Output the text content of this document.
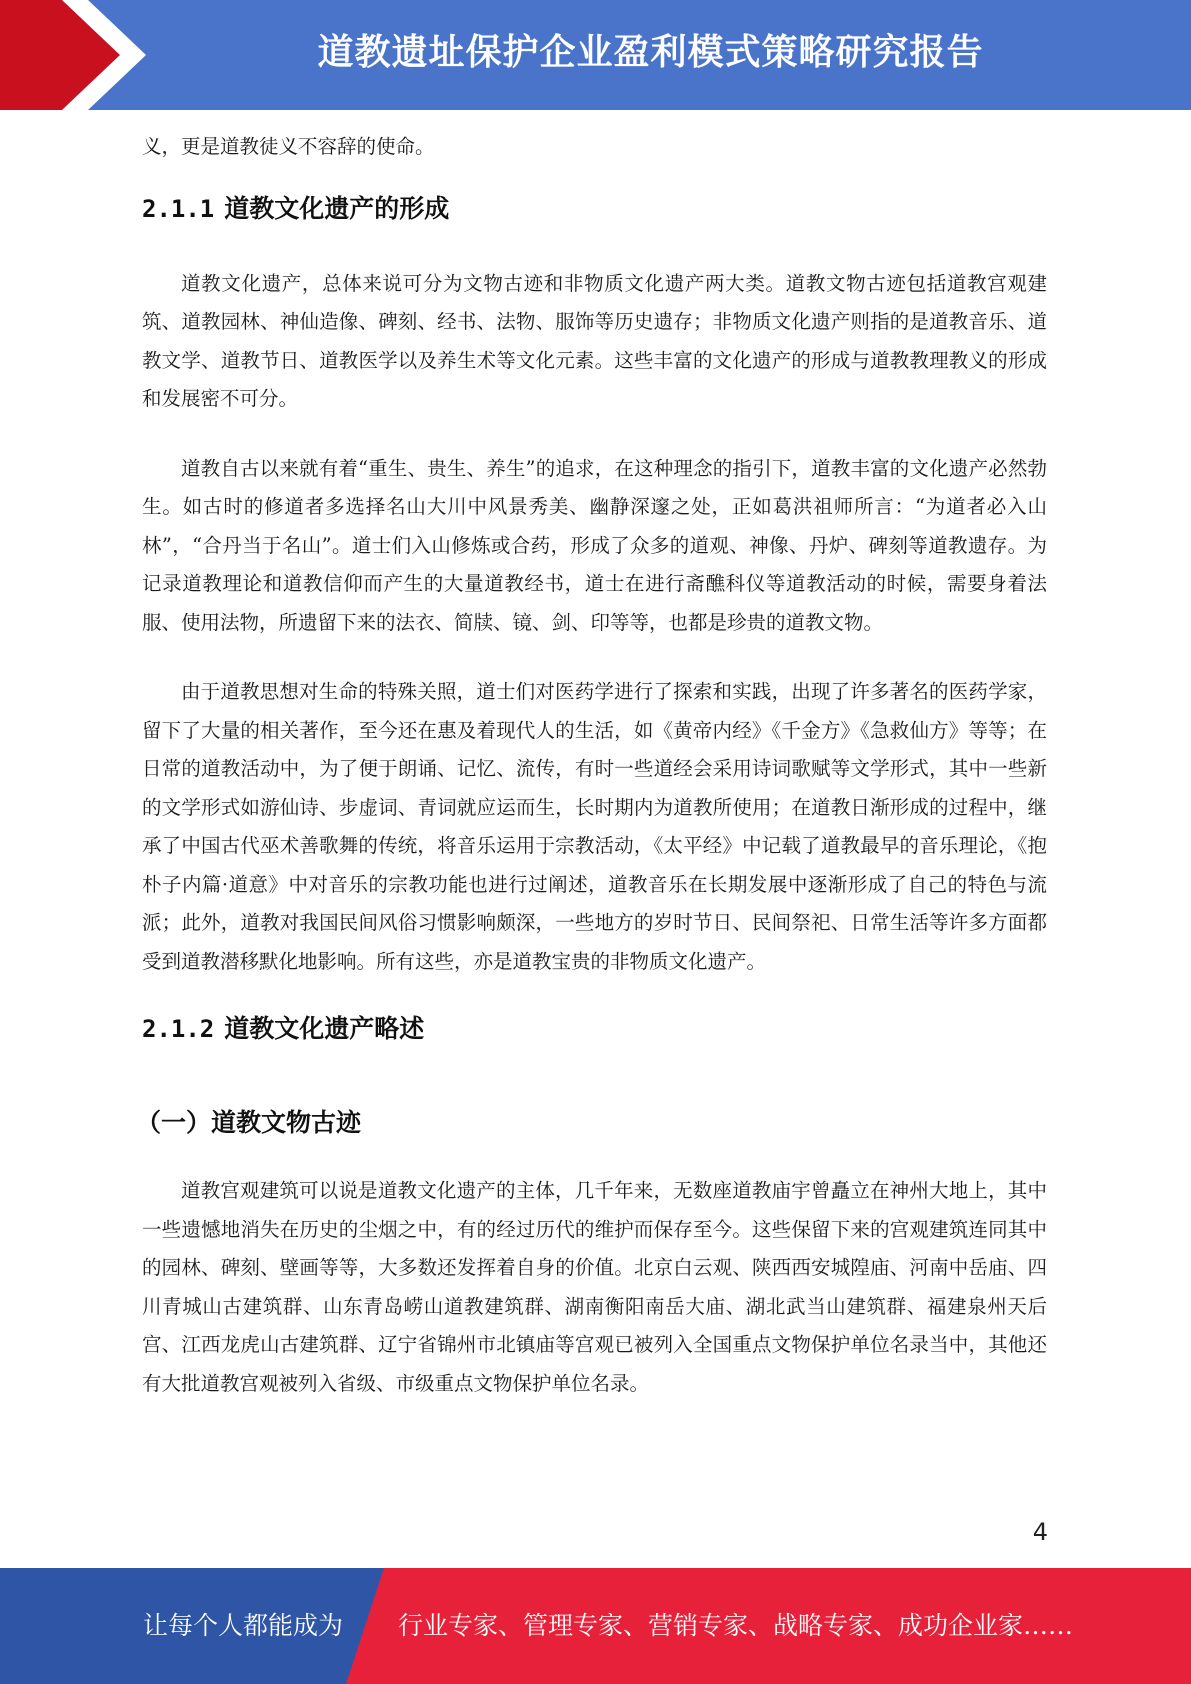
道教遗址保护企业盈利模式策略研究报告

义，更是道教徒义不容辞的使命。

2.1.1 道教文化遗产的形成

道教文化遗产，总体来说可分为文物古迹和非物质文化遗产两大类。道教文物古迹包括道教宫观建筑、道教园林、神仙造像、碑刻、经书、法物、服饰等历史遗存；非物质文化遗产则指的是道教音乐、道教文学、道教节日、道教医学以及养生术等文化元素。这些丰富的文化遗产的形成与道教教理教义的形成和发展密不可分。

道教自古以来就有着“重生、贵生、养生”的追求，在这种理念的指引下，道教丰富的文化遗产必然勃生。如古时的修道者多选择名山大川中风景秀美、幽静深邃之处，正如葛洪祖师所言：“为道者必入山林”，“合丹当于名山”。道士们入山修炼或合药，形成了众多的道观、神像、丹炉、碑刻等道教遗存。为记录道教理论和道教信仰而产生的大量道教经书，道士在进行斋醮科仪等道教活动的时候，需要身着法服、使用法物，所遗留下来的法衣、简牍、镜、剑、印等等，也都是珍贵的道教文物。

由于道教思想对生命的特殊关照，道士们对医药学进行了探索和实践，出现了许多著名的医药学家，留下了大量的相关著作，至今还在惠及着现代人的生活，如《黄帝内经》《千金方》《急救仙方》等等；在日常的道教活动中，为了便于朗诵、记忆、流传，有时一些道经会采用诗词歌赋等文学形式，其中一些新的文学形式如游仙诗、步虚词、青词就应运而生，长时期内为道教所使用；在道教日渐形成的过程中，继承了中国古代巫术善歌舞的传统，将音乐运用于宗教活动，《太平经》中记载了道教最早的音乐理论，《抱朴子内篇·道意》中对音乐的宗教功能也进行过阐述，道教音乐在长期发展中逐渐形成了自己的特色与流派；此外，道教对我国民间风俗习惯影响颇深，一些地方的岁时节日、民间祭祀、日常生活等许多方面都受到道教潜移默化地影响。所有这些，亦是道教宝贵的非物质文化遗产。

2.1.2 道教文化遗产略述
（一）道教文物古迹

道教宫观建筑可以说是道教文化遗产的主体，几千年来，无数座道教庙宇曾矗立在神州大地上，其中一些遗憾地消失在历史的尘烟之中，有的经过历代的维护而保存至今。这些保留下来的宫观建筑连同其中的园林、碑刻、壁画等等，大多数还发挥着自身的价值。北京白云观、陕西西安城隍庙、河南中岳庙、四川青城山古建筑群、山东青岛崂山道教建筑群、湖南衡阳南岳大庙、湖北武当山建筑群、福建泉州天后宫、江西龙虎山古建筑群、辽宁省锦州市北镇庙等宫观已被列入全国重点文物保护单位名录当中，其他还有大批道教宫观被列入省级、市级重点文物保护单位名录。

4
让每个人都能成为 行业专家、管理专家、营销专家、战略专家、成功企业家……
